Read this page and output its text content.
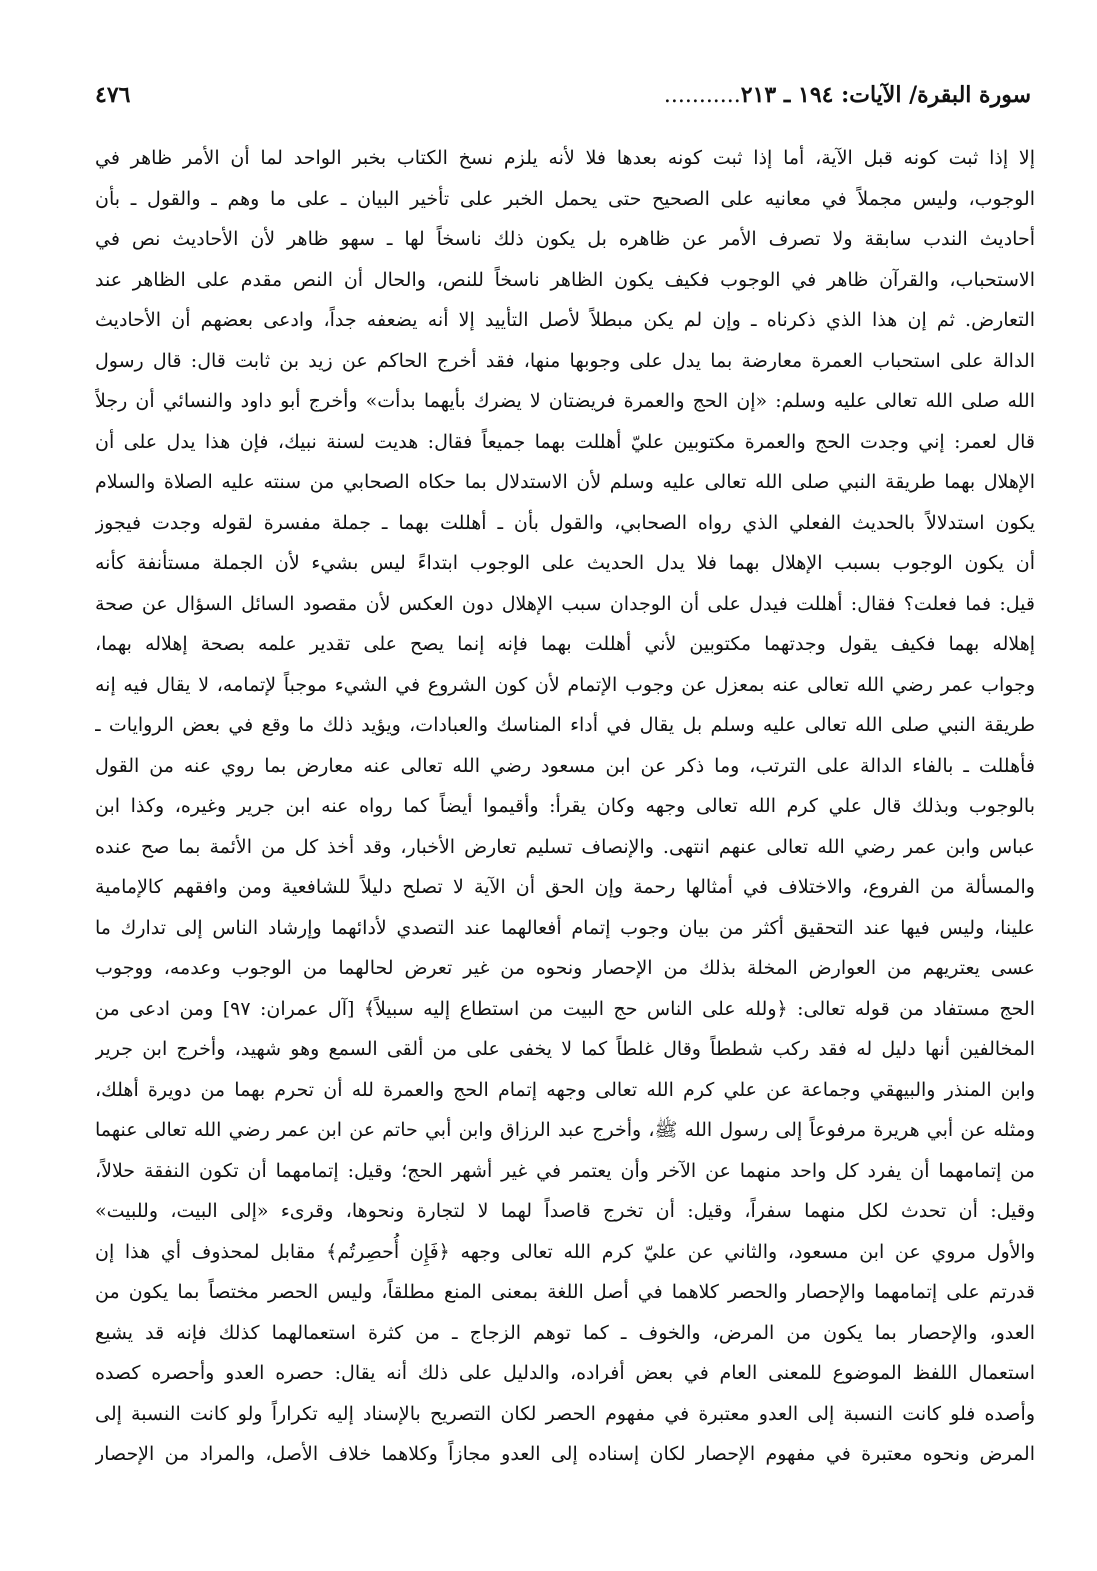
سورة البقرة/ الآيات: ١٩٤ ـ ٢١٣...........
٤٧٦
إلا إذا ثبت كونه قبل الآية، أما إذا ثبت كونه بعدها فلا لأنه يلزم نسخ الكتاب بخبر الواحد لما أن الأمر ظاهر في
الوجوب، وليس مجملاً في معانيه على الصحيح حتى يحمل الخبر على تأخير البيان ـ على ما وهم ـ والقول ـ بأن
أحاديث الندب سابقة ولا تصرف الأمر عن ظاهره بل يكون ذلك ناسخاً لها ـ سهو ظاهر لأن الأحاديث نص في
الاستحباب، والقرآن ظاهر في الوجوب فكيف يكون الظاهر ناسخاً للنص، والحال أن النص مقدم على الظاهر عند
التعارض. ثم إن هذا الذي ذكرناه ـ وإن لم يكن مبطلاً لأصل التأييد إلا أنه يضعفه جداً، وادعى بعضهم أن الأحاديث
الدالة على استحباب العمرة معارضة بما يدل على وجوبها منها، فقد أخرج الحاكم عن زيد بن ثابت قال: قال رسول
الله صلى الله تعالى عليه وسلم: «إن الحج والعمرة فريضتان لا يضرك بأيهما بدأت» وأخرج أبو داود والنسائي أن رجلاً
قال لعمر: إني وجدت الحج والعمرة مكتوبين عليّ أهللت بهما جميعاً فقال: هديت لسنة نبيك، فإن هذا يدل على أن
الإهلال بهما طريقة النبي صلى الله تعالى عليه وسلم لأن الاستدلال بما حكاه الصحابي من سنته عليه الصلاة والسلام
يكون استدلالاً بالحديث الفعلي الذي رواه الصحابي، والقول بأن ـ أهللت بهما ـ جملة مفسرة لقوله وجدت فيجوز
أن يكون الوجوب بسبب الإهلال بهما فلا يدل الحديث على الوجوب ابتداءً ليس بشيء لأن الجملة مستأنفة كأنه
قيل: فما فعلت؟ فقال: أهللت فيدل على أن الوجدان سبب الإهلال دون العكس لأن مقصود السائل السؤال عن صحة
إهلاله بهما فكيف يقول وجدتهما مكتوبين لأني أهللت بهما فإنه إنما يصح على تقدير علمه بصحة إهلاله بهما،
وجواب عمر رضي الله تعالى عنه بمعزل عن وجوب الإتمام لأن كون الشروع في الشيء موجباً لإتمامه، لا يقال فيه إنه
طريقة النبي صلى الله تعالى عليه وسلم بل يقال في أداء المناسك والعبادات، ويؤيد ذلك ما وقع في بعض الروايات ـ
فأهللت ـ بالفاء الدالة على الترتب، وما ذكر عن ابن مسعود رضي الله تعالى عنه معارض بما روي عنه من القول
بالوجوب وبذلك قال علي كرم الله تعالى وجهه وكان يقرأ: وأقيموا أيضاً كما رواه عنه ابن جرير وغيره، وكذا ابن
عباس وابن عمر رضي الله تعالى عنهم انتهى. والإنصاف تسليم تعارض الأخبار، وقد أخذ كل من الأئمة بما صح عنده
والمسألة من الفروع، والاختلاف في أمثالها رحمة وإن الحق أن الآية لا تصلح دليلاً للشافعية ومن وافقهم كالإمامية
علينا، وليس فيها عند التحقيق أكثر من بيان وجوب إتمام أفعالهما عند التصدي لأدائهما وإرشاد الناس إلى تدارك ما
عسى يعتريهم من العوارض المخلة بذلك من الإحصار ونحوه من غير تعرض لحالهما من الوجوب وعدمه، ووجوب
الحج مستفاد من قوله تعالى: ﴿ولله على الناس حج البيت من استطاع إليه سبيلاً﴾ [آل عمران: ٩٧] ومن ادعى من
المخالفين أنها دليل له فقد ركب شططاً وقال غلطاً كما لا يخفى على من ألقى السمع وهو شهيد، وأخرج ابن جرير
وابن المنذر والبيهقي وجماعة عن علي كرم الله تعالى وجهه إتمام الحج والعمرة لله أن تحرم بهما من دويرة أهلك،
ومثله عن أبي هريرة مرفوعاً إلى رسول الله ﷺ، وأخرج عبد الرزاق وابن أبي حاتم عن ابن عمر رضي الله تعالى عنهما
من إتمامهما أن يفرد كل واحد منهما عن الآخر وأن يعتمر في غير أشهر الحج؛ وقيل: إتمامهما أن تكون النفقة حلالاً،
وقيل: أن تحدث لكل منهما سفراً، وقيل: أن تخرج قاصداً لهما لا لتجارة ونحوها، وقرىء «إلى البيت، وللبيت»
والأول مروي عن ابن مسعود، والثاني عن عليّ كرم الله تعالى وجهه ﴿فَإِن أُحصِرتُم﴾ مقابل لمحذوف أي هذا إن
قدرتم على إتمامهما والإحصار والحصر كلاهما في أصل اللغة بمعنى المنع مطلقاً، وليس الحصر مختصاً بما يكون من
العدو، والإحصار بما يكون من المرض، والخوف ـ كما توهم الزجاج ـ من كثرة استعمالهما كذلك فإنه قد يشيع
استعمال اللفظ الموضوع للمعنى العام في بعض أفراده، والدليل على ذلك أنه يقال: حصره العدو وأحصره كصده
وأصده فلو كانت النسبة إلى العدو معتبرة في مفهوم الحصر لكان التصريح بالإسناد إليه تكراراً ولو كانت النسبة إلى
المرض ونحوه معتبرة في مفهوم الإحصار لكان إسناده إلى العدو مجازاً وكلاهما خلاف الأصل، والمراد من الإحصار
